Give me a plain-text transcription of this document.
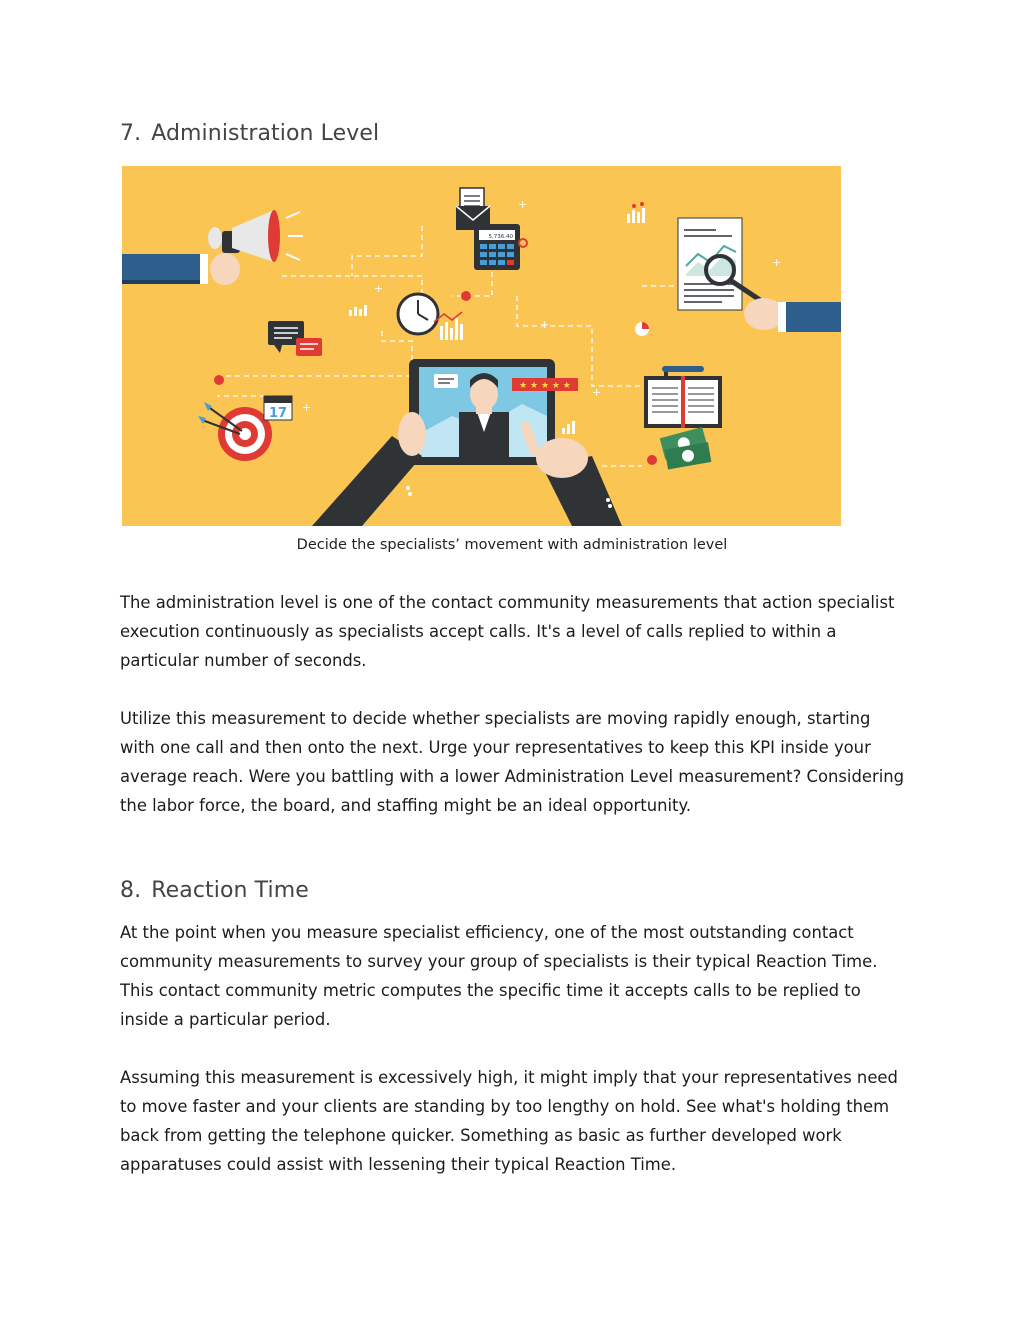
7. Administration Level
5,736.40
17
★ ★ ★ ★ ★
+
+
+
+
+
+
Decide the specialists’ movement with administration level

The administration level is one of the contact community measurements that action specialist execution continuously as specialists accept calls. It's a level of calls replied to within a particular number of seconds.

Utilize this measurement to decide whether specialists are moving rapidly enough, starting with one call and then onto the next. Urge your representatives to keep this KPI inside your average reach. Were you battling with a lower Administration Level measurement? Considering the labor force, the board, and staffing might be an ideal opportunity.

8. Reaction Time

At the point when you measure specialist efficiency, one of the most outstanding contact community measurements to survey your group of specialists is their typical Reaction Time. This contact community metric computes the specific time it accepts calls to be replied to inside a particular period.

Assuming this measurement is excessively high, it might imply that your representatives need to move faster and your clients are standing by too lengthy on hold. See what's holding them back from getting the telephone quicker. Something as basic as further developed work apparatuses could assist with lessening their typical Reaction Time.
